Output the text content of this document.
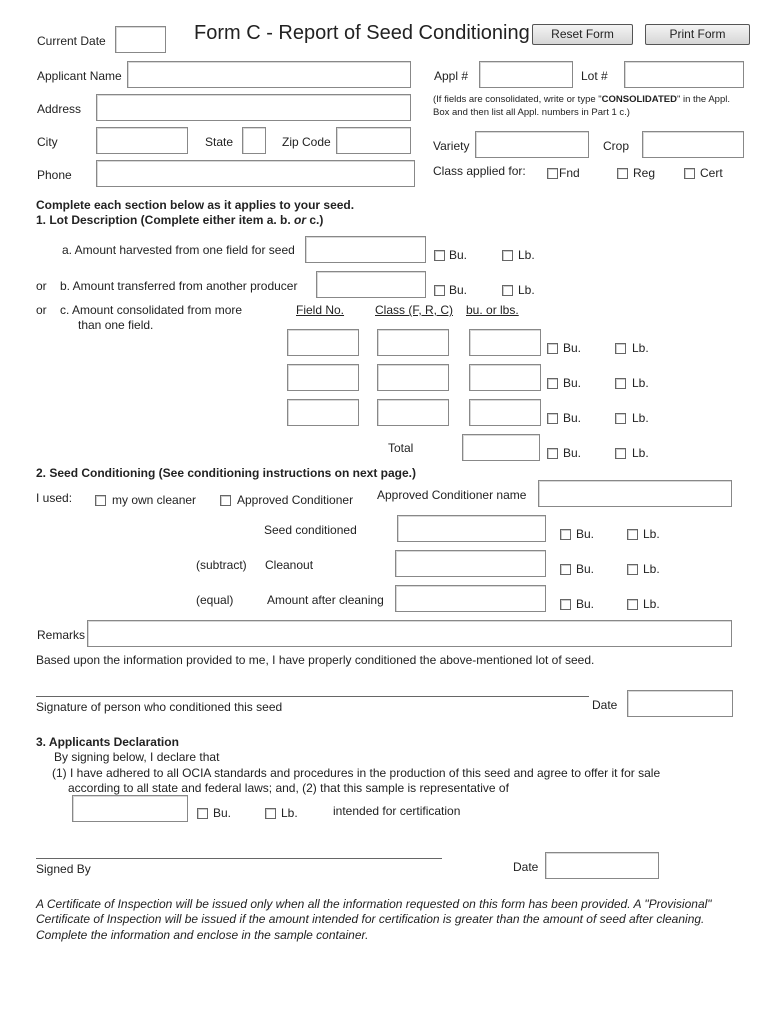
Current Date	Form C - Report of Seed Conditioning	Reset Form	Print Form
Applicant Name	Appl #	Lot #
Address
(If fields are consolidated, write or type "CONSOLIDATED" in the Appl.
Box and then list all Appl. numbers in Part 1 c.)
City	State	Zip Code	Variety	Crop
Phone	Class applied for:	Fnd	Reg	Cert
Complete each section below as it applies to your seed.
1. Lot Description (Complete either item a. b. or c.)
a. Amount harvested from one field for seed	Bu.	Lb.
or b. Amount transferred from another producer	Bu.	Lb.
or c. Amount consolidated from more
than one field.
Field No.	Class (F, R, C) bu. or lbs.
Bu.	Lb.
Bu.	Lb.
Bu.	Lb.
Total	Bu.	Lb.
2. Seed Conditioning (See conditioning instructions on next page.)
I used:	my own cleaner	Approved Conditioner Approved Conditioner name
Seed conditioned	Bu.	Lb.
(subtract) Cleanout	Bu.	Lb.
(equal)	Amount after cleaning	Bu.	Lb.
Remarks
Based upon the information provided to me, I have properly conditioned the above-mentioned lot of seed.
Signature of person who conditioned this seed	Date
3. Applicants Declaration
By signing below, I declare that
(1) I have adhered to all OCIA standards and procedures in the production of this seed and agree to offer it for sale
according to all state and federal laws; and, (2) that this sample is representative of
Bu.	Lb.	intended for certification
Signed By	Date
A Certificate of Inspection will be issued only when all the information requested on this form has been provided. A "Provisional"
Certificate of Inspection will be issued if the amount intended for certification is greater than the amount of seed after cleaning.
Complete the information and enclose in the sample container.
